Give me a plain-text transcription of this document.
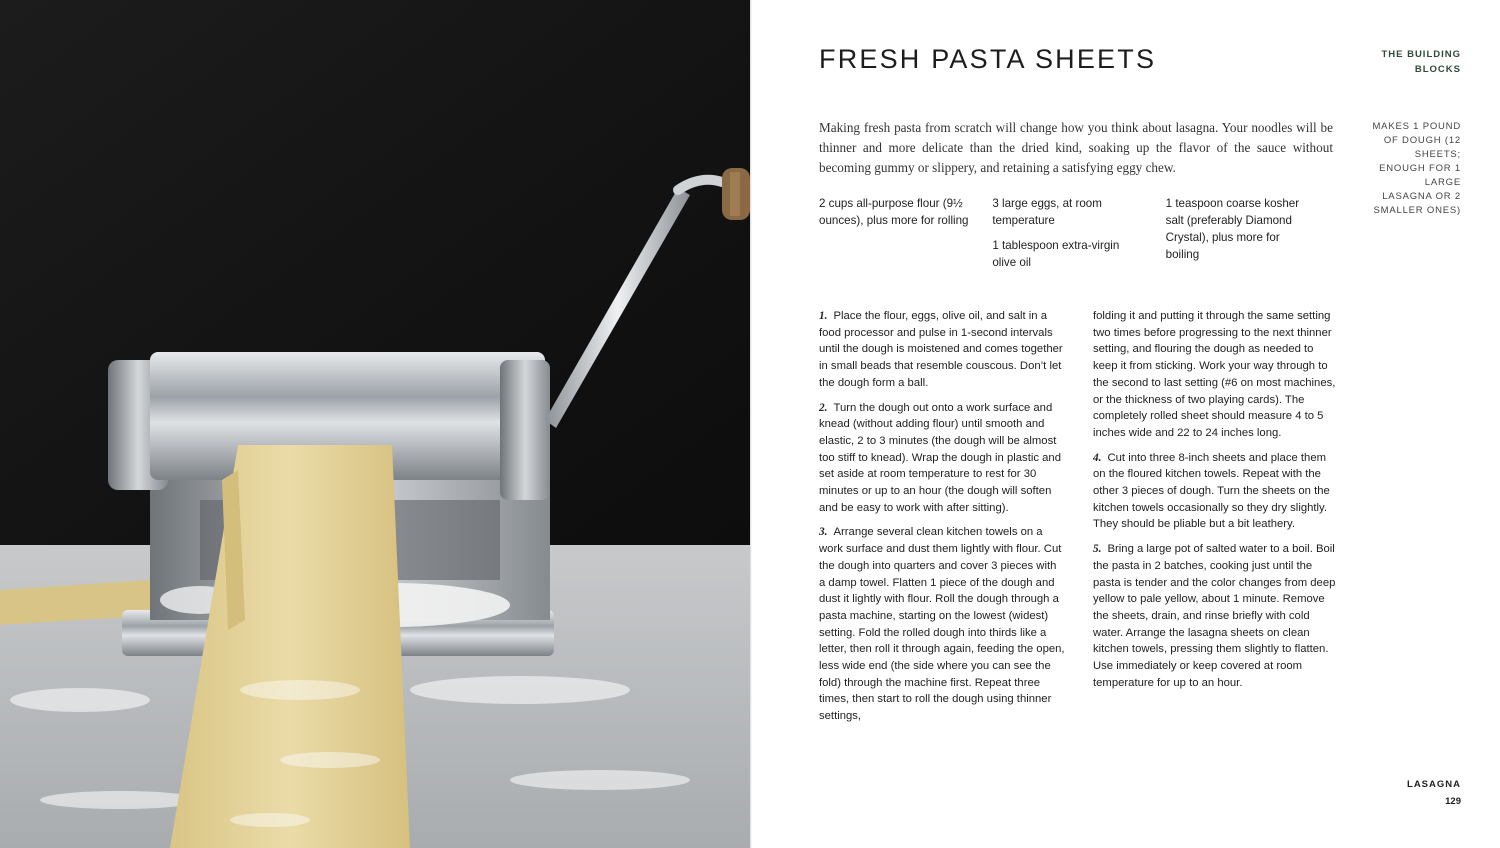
FRESH PASTA SHEETS	THE BUILDING BLOCKS

Making fresh pasta from scratch will change how you think about lasagna. Your noodles will be thinner and more delicate than the dried kind, soaking up the flavor of the sauce without becoming gummy or slippery, and retaining a satisfying eggy chew.

MAKES 1 POUND OF DOUGH (12 SHEETS; ENOUGH FOR 1 LARGE LASAGNA OR 2 SMALLER ONES)

2 cups all-purpose flour (9½ ounces), plus more for rolling

3 large eggs, at room temperature

1 tablespoon extra-virgin olive oil

1 teaspoon coarse kosher salt (preferably Diamond Crystal), plus more for boiling

1. Place the flour, eggs, olive oil, and salt in a food processor and pulse in 1-second intervals until the dough is moistened and comes together in small beads that resemble couscous. Don’t let the dough form a ball.

2. Turn the dough out onto a work surface and knead (without adding flour) until smooth and elastic, 2 to 3 minutes (the dough will be almost too stiff to knead). Wrap the dough in plastic and set aside at room temperature to rest for 30 minutes or up to an hour (the dough will soften and be easy to work with after sitting).

3. Arrange several clean kitchen towels on a work surface and dust them lightly with flour. Cut the dough into quarters and cover 3 pieces with a damp towel. Flatten 1 piece of the dough and dust it lightly with flour. Roll the dough through a pasta machine, starting on the lowest (widest) setting. Fold the rolled dough into thirds like a letter, then roll it through again, feeding the open, less wide end (the side where you can see the fold) through the machine first. Repeat three times, then start to roll the dough using thinner settings,

folding it and putting it through the same setting two times before progressing to the next thinner setting, and flouring the dough as needed to keep it from sticking. Work your way through to the second to last setting (#6 on most machines, or the thickness of two playing cards). The completely rolled sheet should measure 4 to 5 inches wide and 22 to 24 inches long.

4. Cut into three 8-inch sheets and place them on the floured kitchen towels. Repeat with the other 3 pieces of dough. Turn the sheets on the kitchen towels occasionally so they dry slightly. They should be pliable but a bit leathery.

5. Bring a large pot of salted water to a boil. Boil the pasta in 2 batches, cooking just until the pasta is tender and the color changes from deep yellow to pale yellow, about 1 minute. Remove the sheets, drain, and rinse briefly with cold water. Arrange the lasagna sheets on clean kitchen towels, pressing them slightly to flatten. Use immediately or keep covered at room temperature for up to an hour.

LASAGNA
129
